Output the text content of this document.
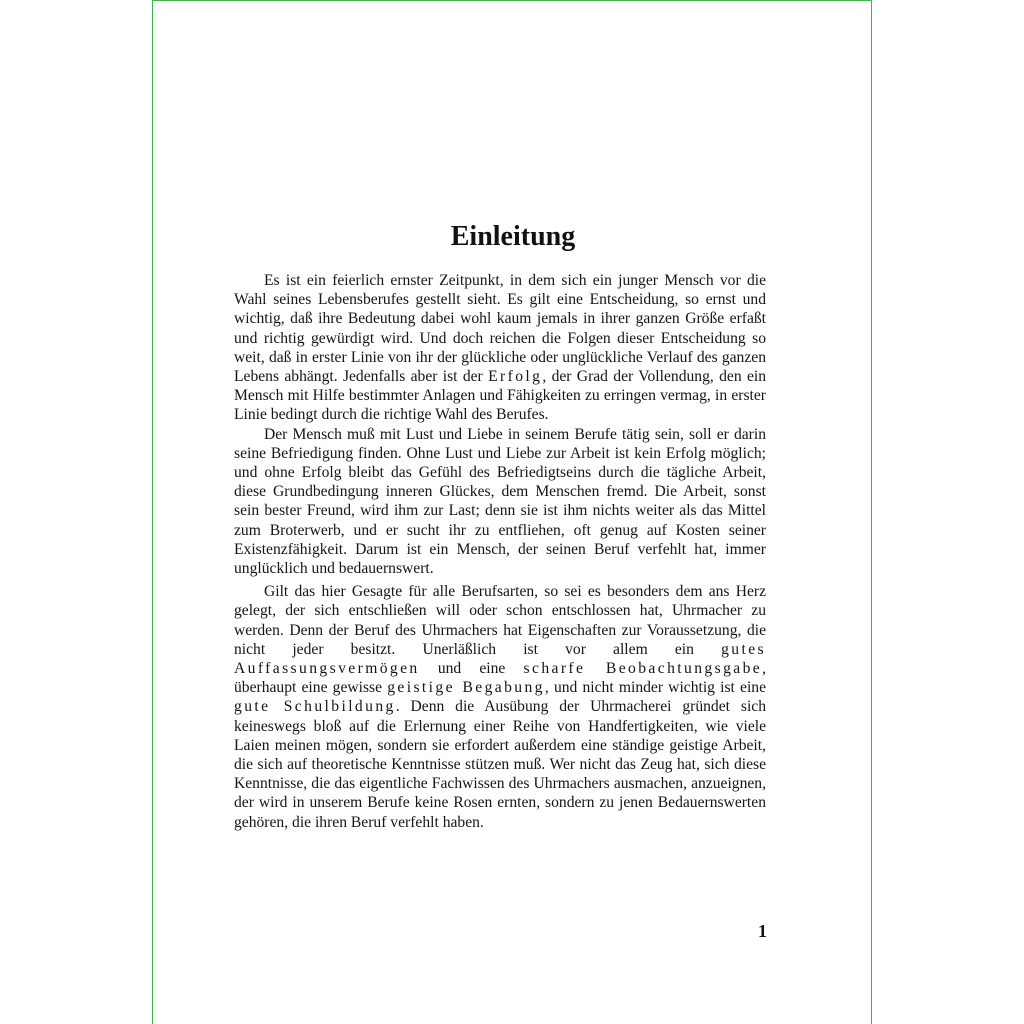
Einleitung

Es ist ein feierlich ernster Zeitpunkt, in dem sich ein junger Mensch vor die Wahl seines Lebensberufes gestellt sieht. Es gilt eine Entscheidung, so ernst und wichtig, daß ihre Bedeutung dabei wohl kaum jemals in ihrer ganzen Größe erfaßt und richtig gewürdigt wird. Und doch reichen die Folgen dieser Entscheidung so weit, daß in erster Linie von ihr der glückliche oder unglückliche Verlauf des ganzen Lebens abhängt. Jedenfalls aber ist der Erfolg, der Grad der Vollendung, den ein Mensch mit Hilfe bestimmter Anlagen und Fähigkeiten zu erringen vermag, in erster Linie bedingt durch die richtige Wahl des Berufes.

Der Mensch muß mit Lust und Liebe in seinem Berufe tätig sein, soll er darin seine Befriedigung finden. Ohne Lust und Liebe zur Arbeit ist kein Erfolg möglich; und ohne Erfolg bleibt das Gefühl des Befriedigtseins durch die tägliche Arbeit, diese Grundbedingung inneren Glückes, dem Menschen fremd. Die Arbeit, sonst sein bester Freund, wird ihm zur Last; denn sie ist ihm nichts weiter als das Mittel zum Broterwerb, und er sucht ihr zu entfliehen, oft genug auf Kosten seiner Existenzfähigkeit. Darum ist ein Mensch, der seinen Beruf verfehlt hat, immer unglücklich und bedauernswert.

Gilt das hier Gesagte für alle Berufsarten, so sei es besonders dem ans Herz gelegt, der sich entschließen will oder schon entschlossen hat, Uhrmacher zu werden. Denn der Beruf des Uhrmachers hat Eigenschaften zur Voraussetzung, die nicht jeder besitzt. Unerläßlich ist vor allem ein gutes Auffassungsvermögen und eine scharfe Beobachtungsgabe, überhaupt eine gewisse geistige Begabung, und nicht minder wichtig ist eine gute Schulbildung. Denn die Ausübung der Uhrmacherei gründet sich keineswegs bloß auf die Erlernung einer Reihe von Handfertigkeiten, wie viele Laien meinen mögen, sondern sie erfordert außerdem eine ständige geistige Arbeit, die sich auf theoretische Kenntnisse stützen muß. Wer nicht das Zeug hat, sich diese Kenntnisse, die das eigentliche Fachwissen des Uhrmachers ausmachen, anzueignen, der wird in unserem Berufe keine Rosen ernten, sondern zu jenen Bedauernswerten gehören, die ihren Beruf verfehlt haben.

1
